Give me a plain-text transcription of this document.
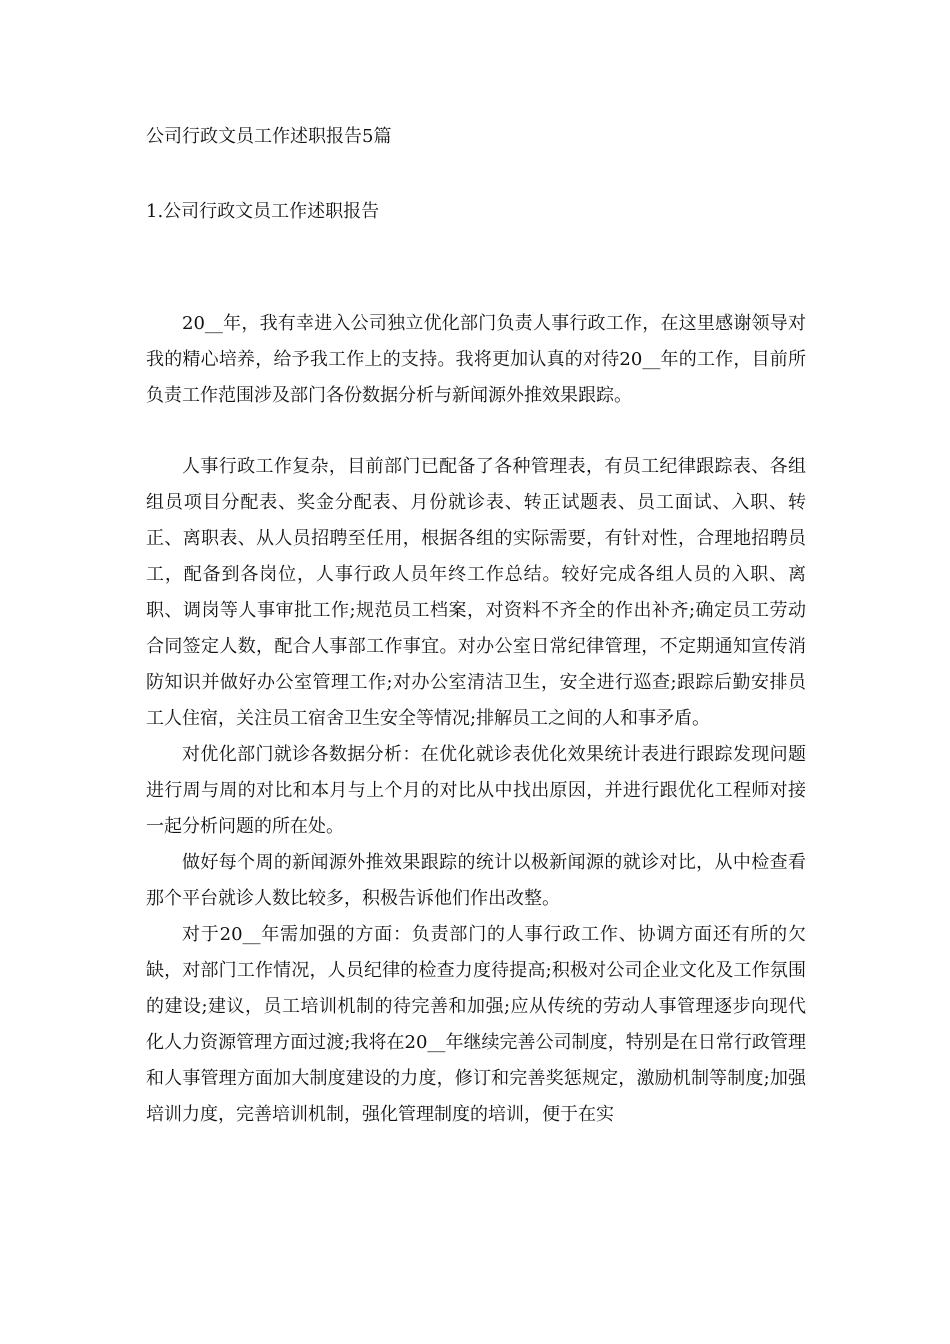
公司行政文员工作述职报告5篇
1.公司行政文员工作述职报告

20__年，我有幸进入公司独立优化部门负责人事行政工作，在这里感谢领导对我的精心培养，给予我工作上的支持。我将更加认真的对待20__年的工作，目前所负责工作范围涉及部门各份数据分析与新闻源外推效果跟踪。

人事行政工作复杂，目前部门已配备了各种管理表，有员工纪律跟踪表、各组组员项目分配表、奖金分配表、月份就诊表、转正试题表、员工面试、入职、转正、离职表、从人员招聘至任用，根据各组的实际需要，有针对性，合理地招聘员工，配备到各岗位，人事行政人员年终工作总结。较好完成各组人员的入职、离职、调岗等人事审批工作;规范员工档案，对资料不齐全的作出补齐;确定员工劳动合同签定人数，配合人事部工作事宜。对办公室日常纪律管理，不定期通知宣传消防知识并做好办公室管理工作;对办公室清洁卫生，安全进行巡查;跟踪后勤安排员工人住宿，关注员工宿舍卫生安全等情况;排解员工之间的人和事矛盾。

对优化部门就诊各数据分析：在优化就诊表优化效果统计表进行跟踪发现问题进行周与周的对比和本月与上个月的对比从中找出原因，并进行跟优化工程师对接一起分析问题的所在处。

做好每个周的新闻源外推效果跟踪的统计以极新闻源的就诊对比，从中检查看那个平台就诊人数比较多，积极告诉他们作出改整。

对于20__年需加强的方面：负责部门的人事行政工作、协调方面还有所的欠缺，对部门工作情况，人员纪律的检查力度待提高;积极对公司企业文化及工作氛围的建设;建议，员工培训机制的待完善和加强;应从传统的劳动人事管理逐步向现代化人力资源管理方面过渡;我将在20__年继续完善公司制度，特别是在日常行政管理和人事管理方面加大制度建设的力度，修订和完善奖惩规定，激励机制等制度;加强培训力度，完善培训机制，强化管理制度的培训，便于在实
